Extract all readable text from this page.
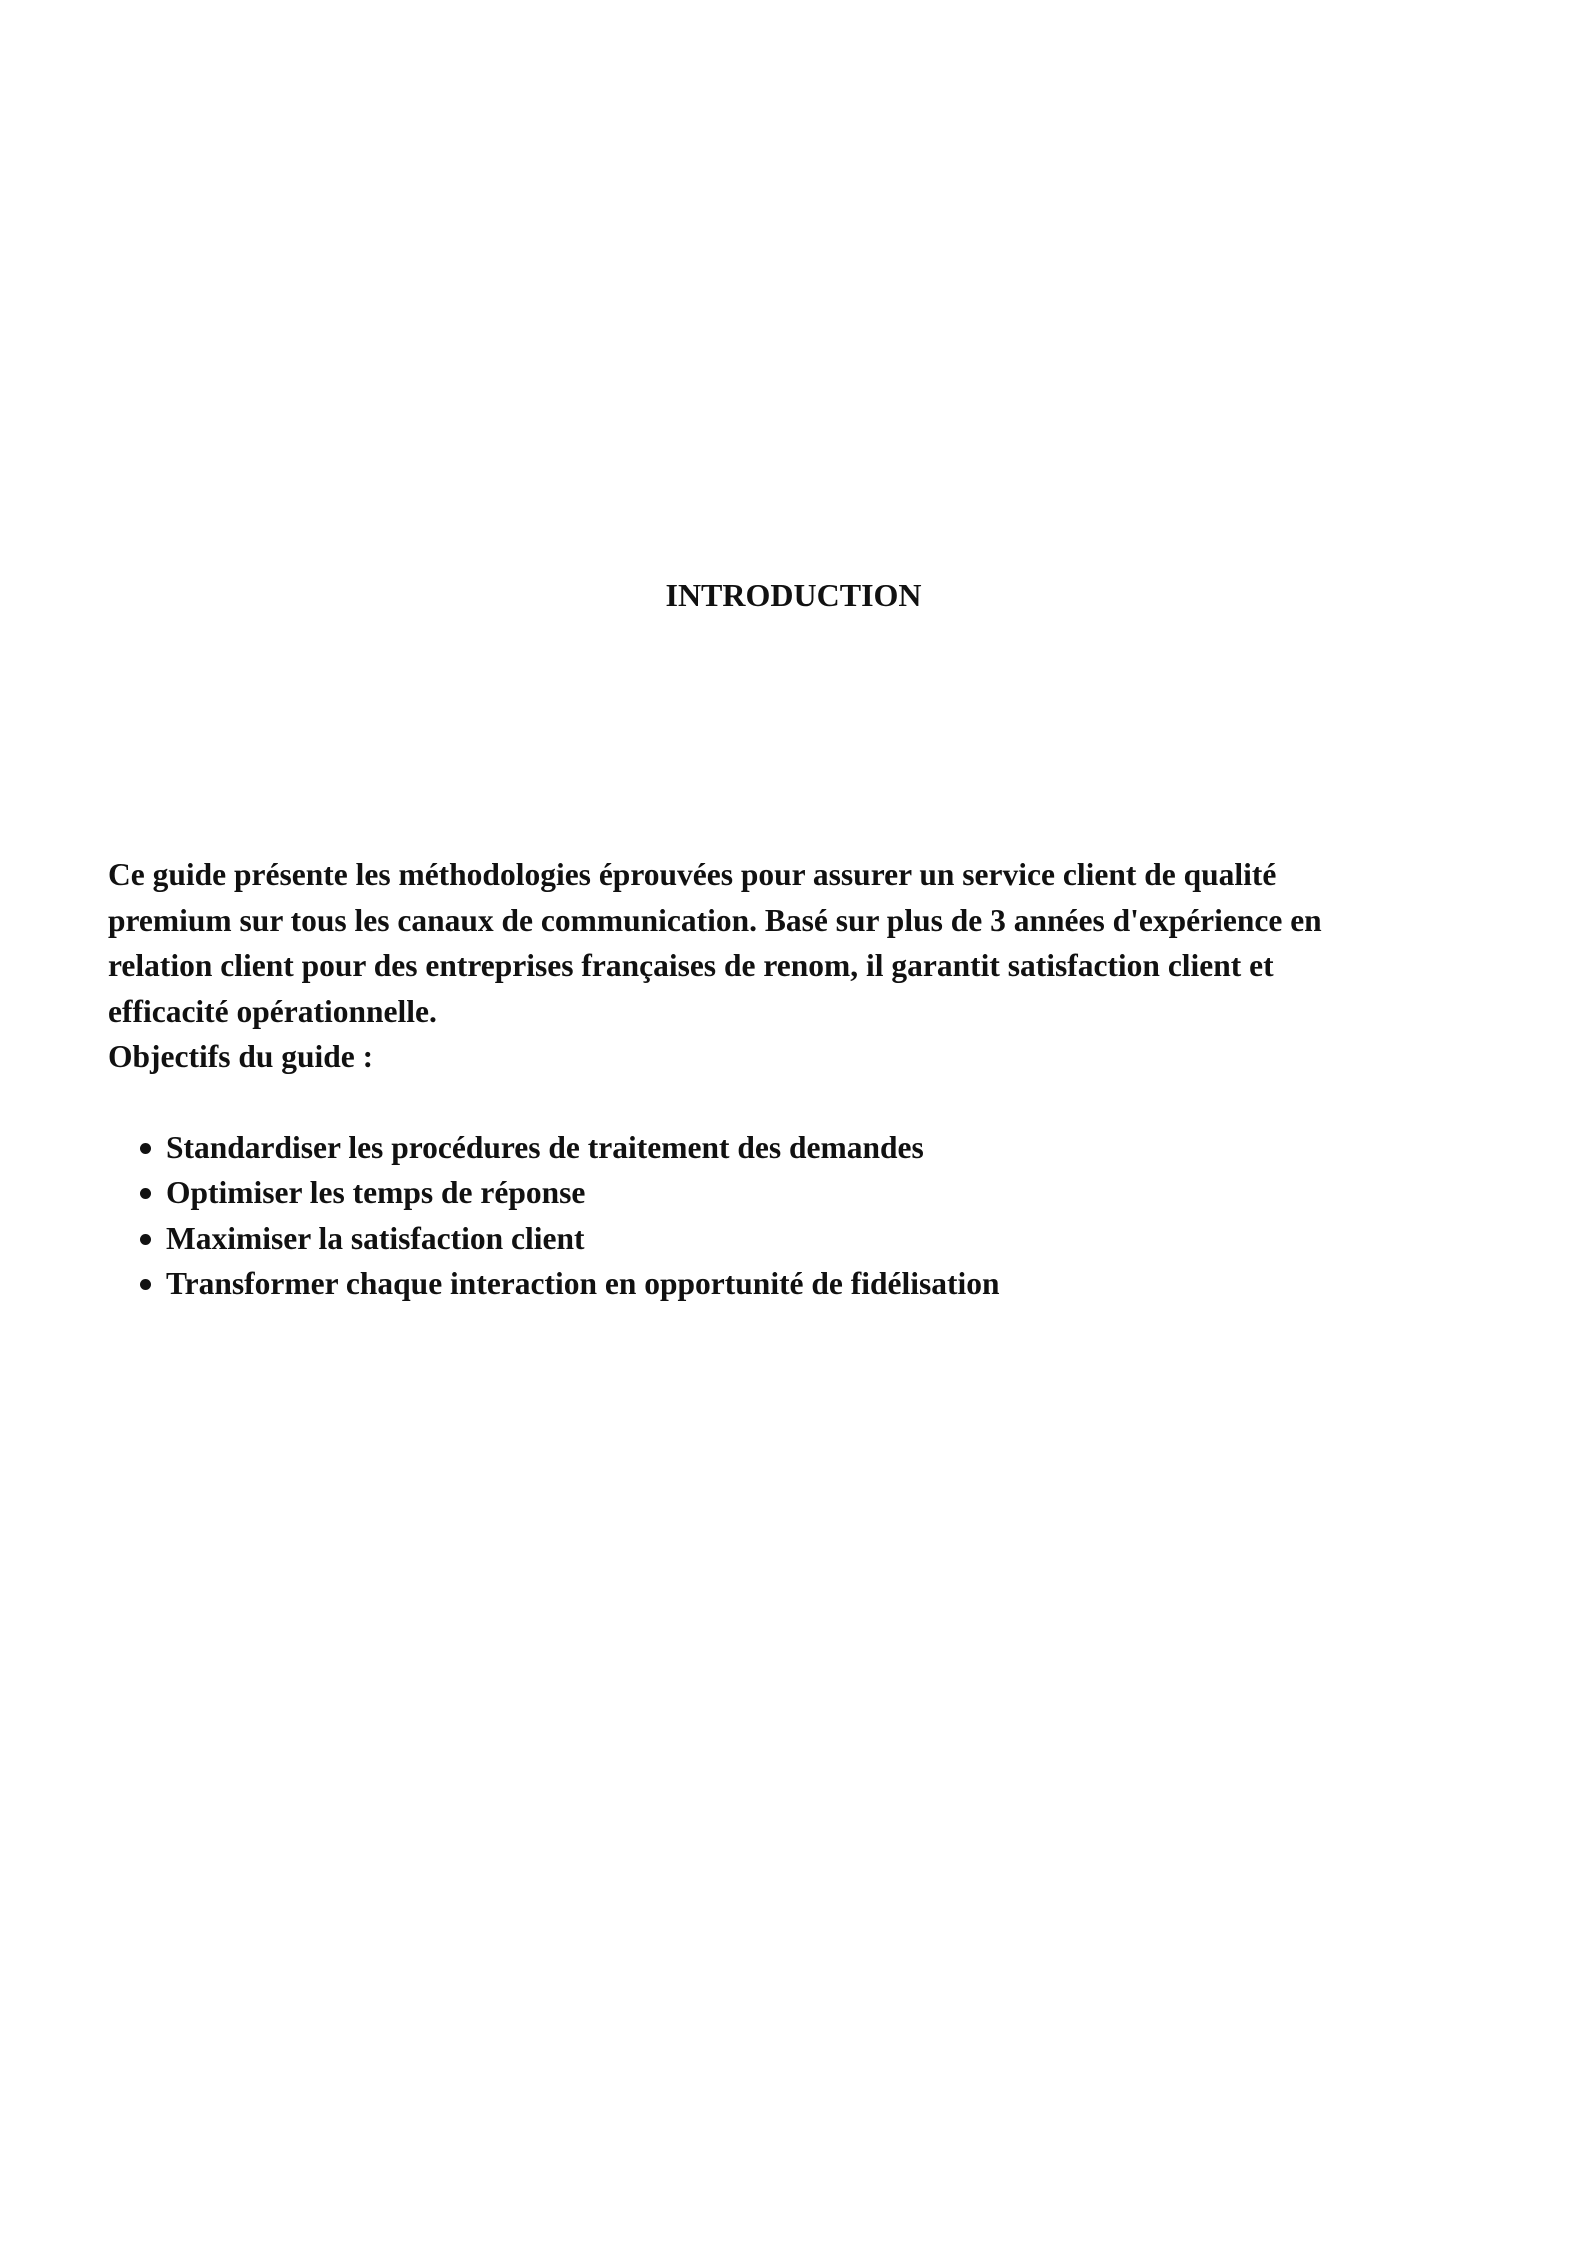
INTRODUCTION
Ce guide présente les méthodologies éprouvées pour assurer un service client de qualité
premium sur tous les canaux de communication. Basé sur plus de 3 années d'expérience en
relation client pour des entreprises françaises de renom, il garantit satisfaction client et
efficacité opérationnelle.
Objectifs du guide :
Standardiser les procédures de traitement des demandes
Optimiser les temps de réponse
Maximiser la satisfaction client
Transformer chaque interaction en opportunité de fidélisation
